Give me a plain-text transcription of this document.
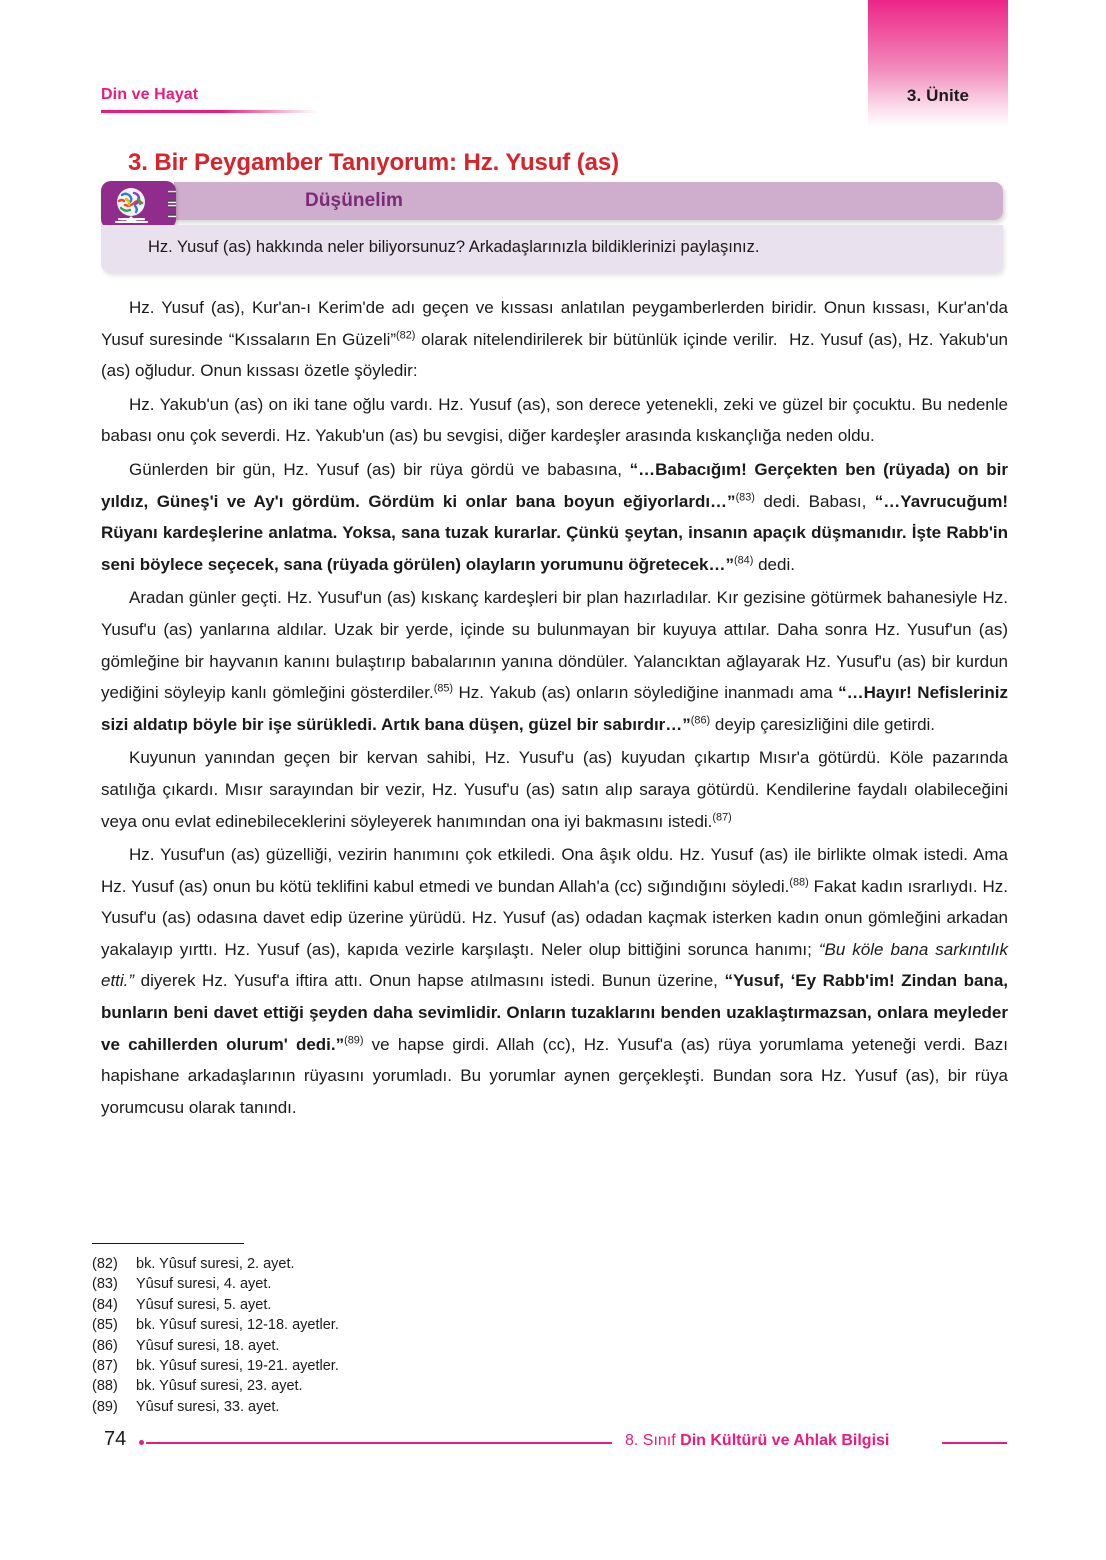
3. Ünite
Din ve Hayat
3. Bir Peygamber Tanıyorum: Hz. Yusuf (as)
Düşünelim
Hz. Yusuf (as) hakkında neler biliyorsunuz? Arkadaşlarınızla bildiklerinizi paylaşınız.

Hz. Yusuf (as), Kur'an-ı Kerim'de adı geçen ve kıssası anlatılan peygamberlerden biridir. Onun kıssası, Kur'an'da Yusuf suresinde “Kıssaların En Güzeli”$^{(82)}$ olarak nitelendirilerek bir bütünlük içinde verilir.  Hz. Yusuf (as), Hz. Yakub'un (as) oğludur. Onun kıssası özetle şöyledir:

Hz. Yakub'un (as) on iki tane oğlu vardı. Hz. Yusuf (as), son derece yetenekli, zeki ve güzel bir çocuktu. Bu nedenle babası onu çok severdi. Hz. Yakub'un (as) bu sevgisi, diğer kardeşler arasında kıskançlığa neden oldu.

Günlerden bir gün, Hz. Yusuf (as) bir rüya gördü ve babasına, “…Babacığım! Gerçekten ben (rüyada) on bir yıldız, Güneş'i ve Ay'ı gördüm. Gördüm ki onlar bana boyun eğiyorlardı…”$^{(83)}$ dedi. Babası, “…Yavrucuğum! Rüyanı kardeşlerine anlatma. Yoksa, sana tuzak kurarlar. Çünkü şeytan, insanın apaçık düşmanıdır. İşte Rabb'in seni böylece seçecek, sana (rüyada görülen) olayların yorumunu öğretecek…”$^{(84)}$ dedi.

Aradan günler geçti. Hz. Yusuf'un (as) kıskanç kardeşleri bir plan hazırladılar. Kır gezisine götürmek bahanesiyle Hz. Yusuf'u (as) yanlarına aldılar. Uzak bir yerde, içinde su bulunmayan bir kuyuya attılar. Daha sonra Hz. Yusuf'un (as) gömleğine bir hayvanın kanını bulaştırıp babalarının yanına döndüler. Yalancıktan ağlayarak Hz. Yusuf'u (as) bir kurdun yediğini söyleyip kanlı gömleğini gösterdiler.$^{(85)}$ Hz. Yakub (as) onların söylediğine inanmadı ama “…Hayır! Nefisleriniz sizi aldatıp böyle bir işe sürükledi. Artık bana düşen, güzel bir sabırdır…”$^{(86)}$ deyip çaresizliğini dile getirdi.

Kuyunun yanından geçen bir kervan sahibi, Hz. Yusuf'u (as) kuyudan çıkartıp Mısır'a götürdü. Köle pazarında satılığa çıkardı. Mısır sarayından bir vezir, Hz. Yusuf'u (as) satın alıp saraya götürdü. Kendilerine faydalı olabileceğini veya onu evlat edinebileceklerini söyleyerek hanımından ona iyi bakmasını istedi.$^{(87)}$

Hz. Yusuf'un (as) güzelliği, vezirin hanımını çok etkiledi. Ona âşık oldu. Hz. Yusuf (as) ile birlikte olmak istedi. Ama Hz. Yusuf (as) onun bu kötü teklifini kabul etmedi ve bundan Allah'a (cc) sığındığını söyledi.$^{(88)}$ Fakat kadın ısrarlıydı. Hz. Yusuf'u (as) odasına davet edip üzerine yürüdü. Hz. Yusuf (as) odadan kaçmak isterken kadın onun gömleğini arkadan yakalayıp yırttı. Hz. Yusuf (as), kapıda vezirle karşılaştı. Neler olup bittiğini sorunca hanımı; “Bu köle bana sarkıntılık etti.” diyerek Hz. Yusuf'a iftira attı. Onun hapse atılmasını istedi. Bunun üzerine, “Yusuf, ‘Ey Rabb'im! Zindan bana, bunların beni davet ettiği şeyden daha sevimlidir. Onların tuzaklarını benden uzaklaştırmazsan, onlara meyleder ve cahillerden olurum' dedi.”$^{(89)}$ ve hapse girdi. Allah (cc), Hz. Yusuf'a (as) rüya yorumlama yeteneği verdi. Bazı hapishane arkadaşlarının rüyasını yorumladı. Bu yorumlar aynen gerçekleşti. Bundan sora Hz. Yusuf (as), bir rüya yorumcusu olarak tanındı.

(82)	bk. Yûsuf suresi, 2. ayet.
(83)	Yûsuf suresi, 4. ayet.
(84)	Yûsuf suresi, 5. ayet.
(85)	bk. Yûsuf suresi, 12-18. ayetler.
(86)	Yûsuf suresi, 18. ayet.
(87)	bk. Yûsuf suresi, 19-21. ayetler.
(88)	bk. Yûsuf suresi, 23. ayet.
(89)	Yûsuf suresi, 33. ayet.
74	8. Sınıf Din Kültürü ve Ahlak Bilgisi
